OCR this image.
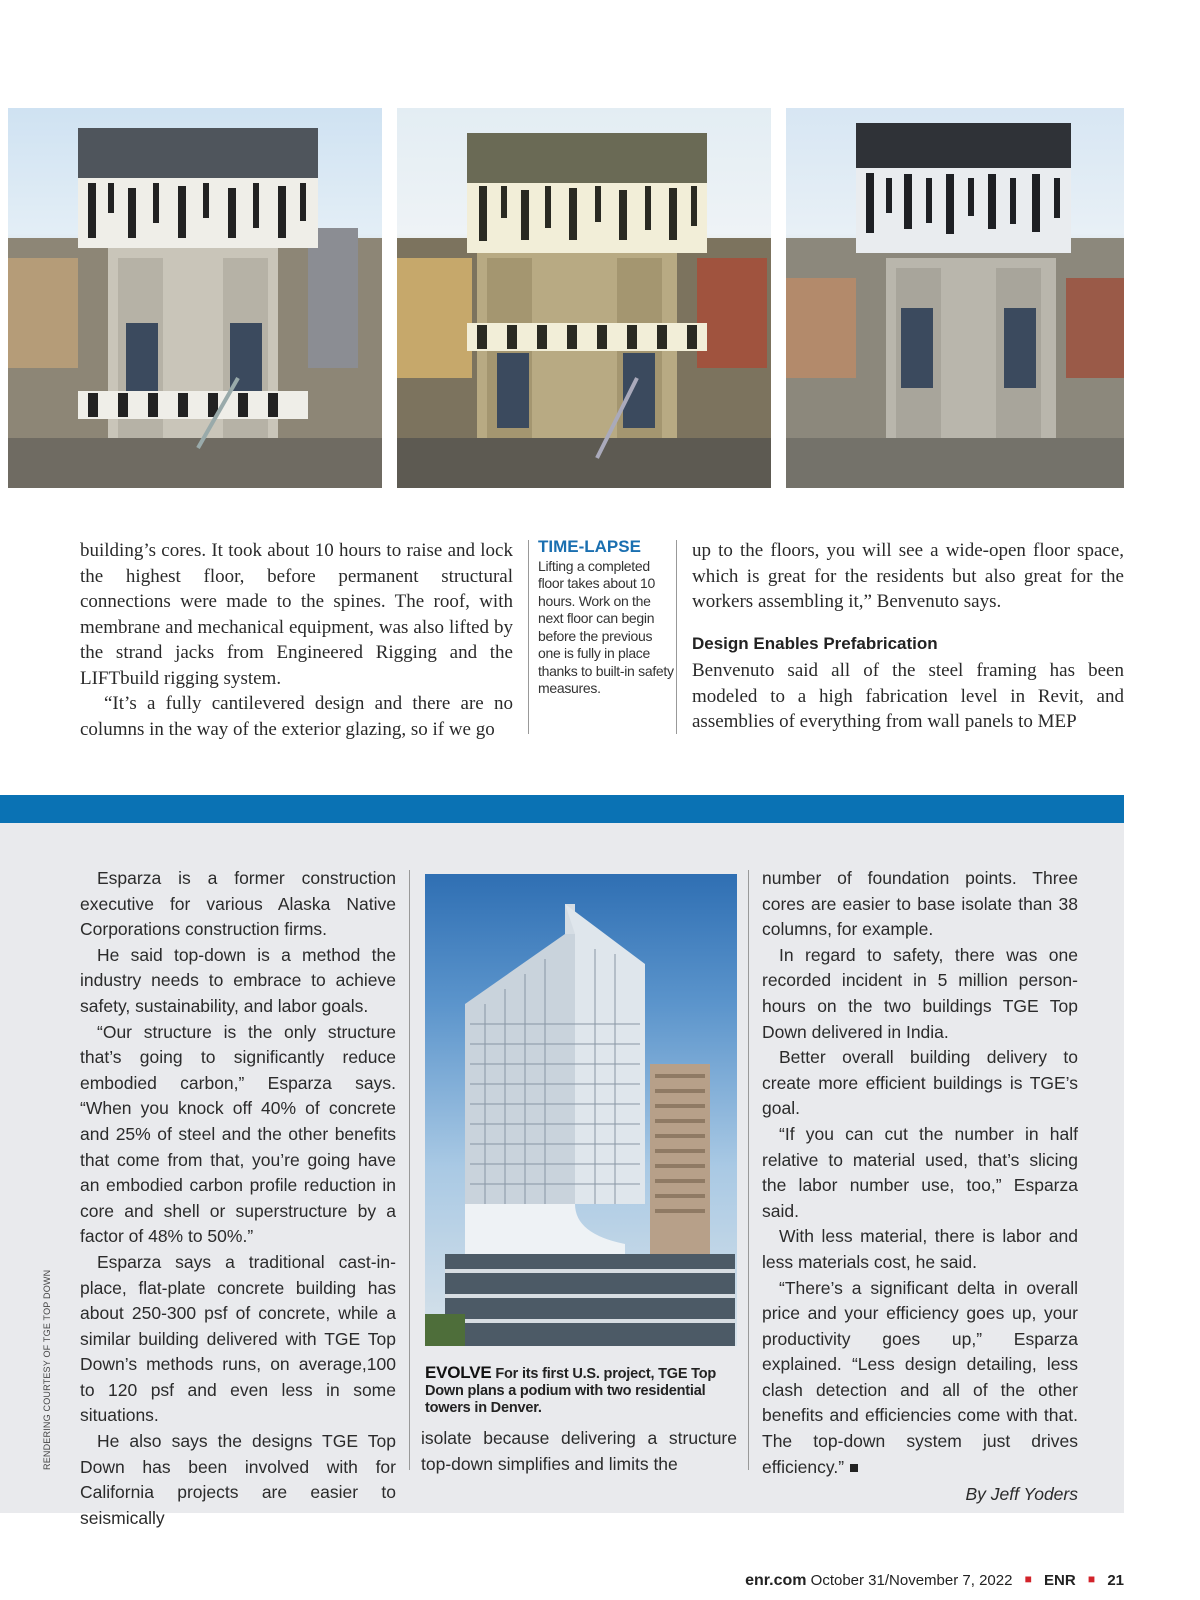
building’s cores. It took about 10 hours to raise and lock the highest floor, before permanent structural connections were made to the spines. The roof, with membrane and mechanical equipment, was also lifted by the strand jacks from Engineered Rigging and the LIFTbuild rigging system.

“It’s a fully cantilevered design and there are no columns in the way of the exterior glazing, so if we go

TIME-LAPSE
Lifting a completed floor takes about 10 hours. Work on the next floor can begin before the previous one is fully in place thanks to built-in safety measures.

up to the floors, you will see a wide-open floor space, which is great for the residents but also great for the workers assembling it,” Benvenuto says.

Design Enables Prefabrication

Benvenuto said all of the steel framing has been modeled to a high fabrication level in Revit, and assemblies of everything from wall panels to MEP

Esparza is a former construction executive for various Alaska Native Corporations construction firms.

He said top-down is a method the industry needs to embrace to achieve safety, sustainability, and labor goals.

“Our structure is the only structure that’s going to significantly reduce embodied carbon,” Esparza says. “When you knock off 40% of concrete and 25% of steel and the other benefits that come from that, you’re going have an embodied carbon profile reduction in core and shell or superstructure by a factor of 48% to 50%.”

Esparza says a traditional cast-in-place, flat-plate concrete building has about 250-300 psf of concrete, while a similar building delivered with TGE Top Down’s methods runs, on average,100 to 120 psf and even less in some situations.

He also says the designs TGE Top Down has been involved with for California projects are easier to seismically

RENDERING COURTESY OF TGE TOP DOWN	EVOLVE For its first U.S. project, TGE Top Down plans a podium with two residential towers in Denver.

isolate because delivering a structure top-down simplifies and limits the

number of foundation points. Three cores are easier to base isolate than 38 columns, for example.

In regard to safety, there was one recorded incident in 5 million person-hours on the two buildings TGE Top Down delivered in India.

Better overall building delivery to create more efficient buildings is TGE’s goal.

“If you can cut the number in half relative to material used, that’s slicing the labor number use, too,” Esparza said.

With less material, there is labor and less materials cost, he said.

“There’s a significant delta in overall price and your efficiency goes up, your productivity goes up,” Esparza explained. “Less design detailing, less clash detection and all of the other benefits and efficiencies come with that. The top-down system just drives efficiency.”

By Jeff Yoders

enr.com October 31/November 7, 2022 ■ ENR ■ 21
